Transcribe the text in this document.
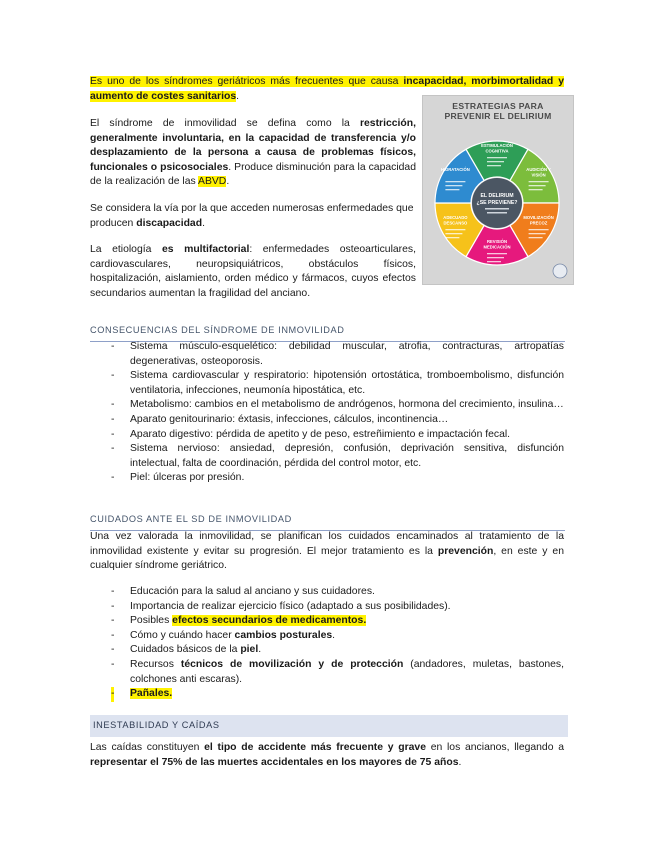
Es uno de los síndromes geriátricos más frecuentes que causa incapacidad, morbimortalidad y aumento de costes sanitarios.

El síndrome de inmovilidad se defina como la restricción, generalmente involuntaria, en la capacidad de transferencia y/o desplazamiento de la persona a causa de problemas físicos, funcionales o psicosociales. Produce disminución para la capacidad de la realización de las ABVD.

Se considera la vía por la que acceden numerosas enfermedades que producen discapacidad.

La etiología es multifactorial: enfermedades osteoarticulares, cardiovasculares, neuropsiquiátricos, obstáculos físicos, hospitalización, aislamiento, orden médico y fármacos, cuyos efectos secundarios aumentan la fragilidad del anciano.

ESTRATEGIAS PARA
PREVENIR EL DELIRIUM
ESTIMULACIÓN
COGNITIVA
AUDICIÓN Y
VISIÓN
MOVILIZACIÓN
PRECOZ
REVISIÓN
MEDICACIÓN
ADECUADO
DESCANSO
HIDRATACIÓN
EL DELIRIUM
¿SE PREVIENE?
CONSECUENCIAS DEL SÍNDROME DE INMOVILIDAD
- Sistema músculo-esquelético: debilidad muscular, atrofia, contracturas, artropatías degenerativas, osteoporosis.
- Sistema cardiovascular y respiratorio: hipotensión ortostática, tromboembolismo, disfunción ventilatoria, infecciones, neumonía hipostática, etc.
- Metabolismo: cambios en el metabolismo de andrógenos, hormona del crecimiento, insulina…
- Aparato genitourinario: éxtasis, infecciones, cálculos, incontinencia…
- Aparato digestivo: pérdida de apetito y de peso, estreñimiento e impactación fecal.
- Sistema nervioso: ansiedad, depresión, confusión, deprivación sensitiva, disfunción intelectual, falta de coordinación, pérdida del control motor, etc.
- Piel: úlceras por presión.
CUIDADOS ANTE EL SD DE INMOVILIDAD

Una vez valorada la inmovilidad, se planifican los cuidados encaminados al tratamiento de la inmovilidad existente y evitar su progresión. El mejor tratamiento es la prevención, en este y en cualquier síndrome geriátrico.

- Educación para la salud al anciano y sus cuidadores.
- Importancia de realizar ejercicio físico (adaptado a sus posibilidades).
- Posibles efectos secundarios de medicamentos.
- Cómo y cuándo hacer cambios posturales.
- Cuidados básicos de la piel.
- Recursos técnicos de movilización y de protección (andadores, muletas, bastones, colchones anti escaras).
- Pañales.
INESTABILIDAD Y CAÍDAS

Las caídas constituyen el tipo de accidente más frecuente y grave en los ancianos, llegando a representar el 75% de las muertes accidentales en los mayores de 75 años.
